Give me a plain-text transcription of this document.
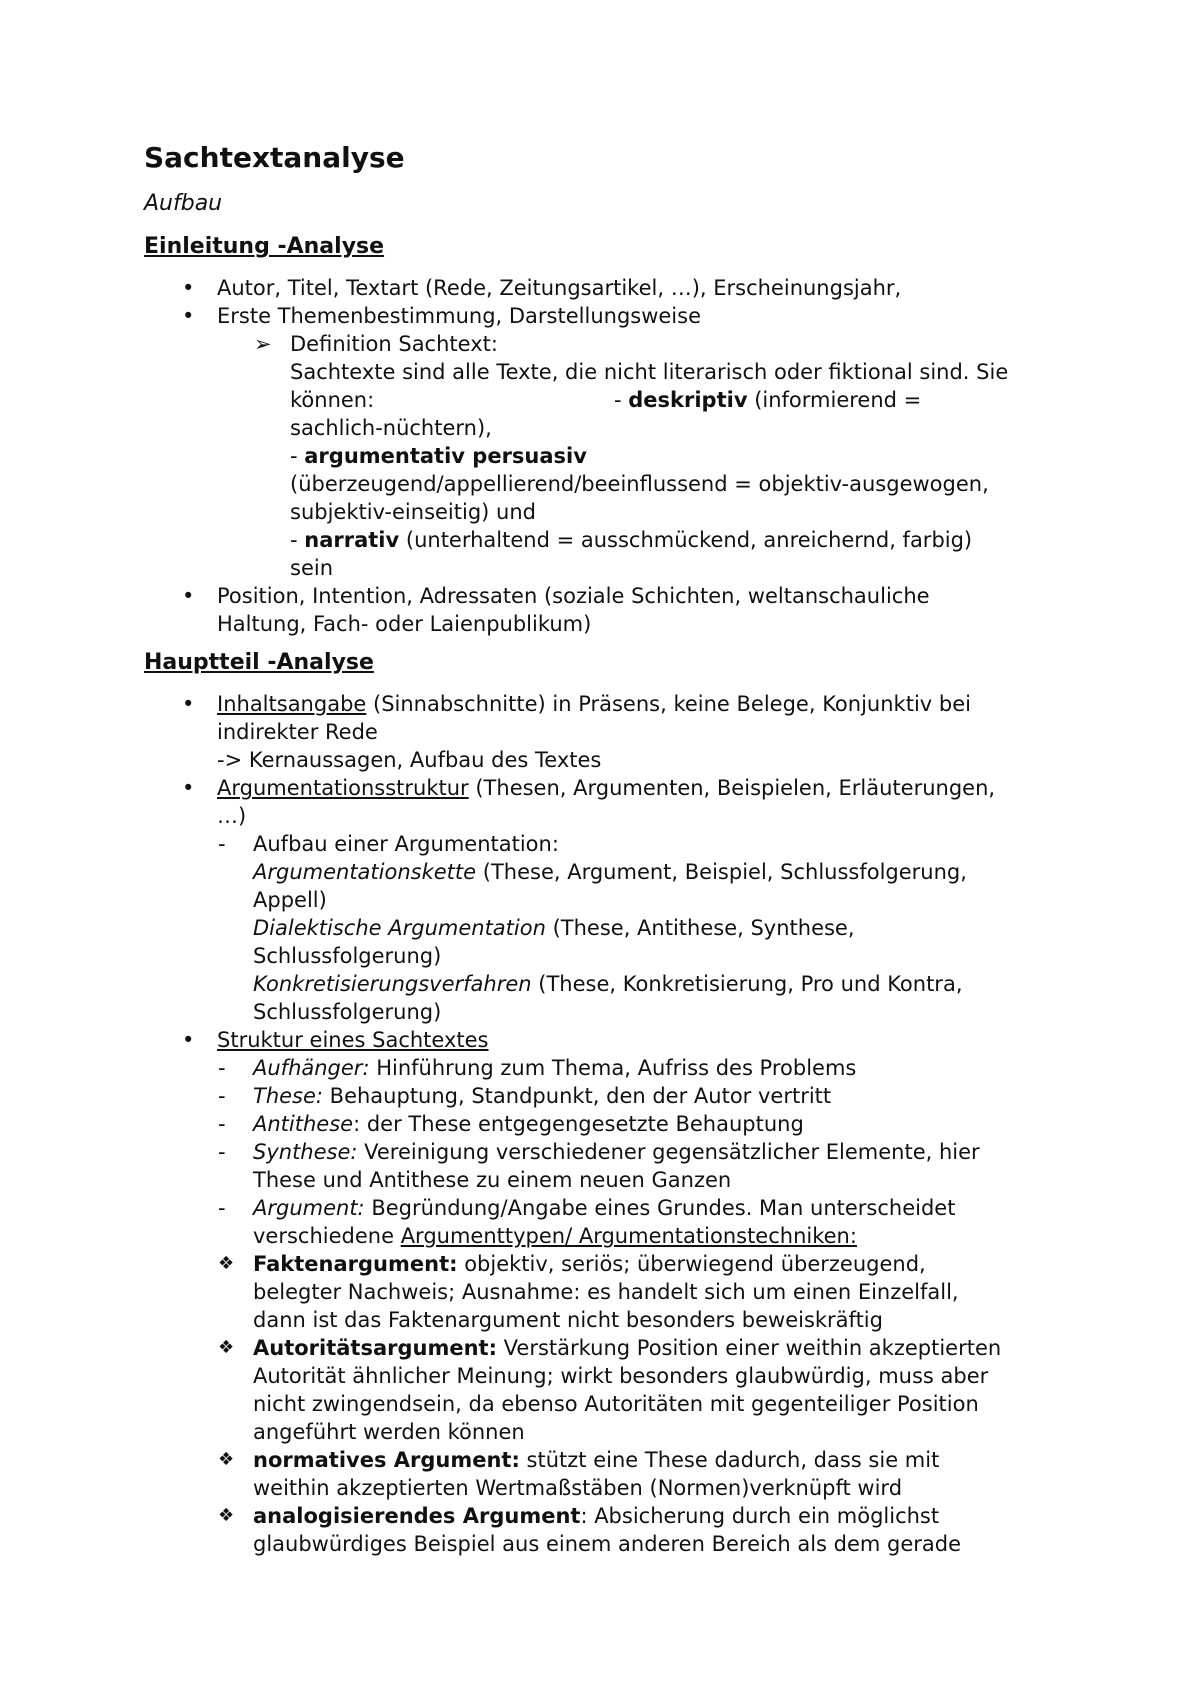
Sachtextanalyse
Aufbau
Einleitung -Analyse
• Autor, Titel, Textart (Rede, Zeitungsartikel, …), Erscheinungsjahr,
• Erste Themenbestimmung, Darstellungsweise
➢ Definition Sachtext:
Sachtexte sind alle Texte, die nicht literarisch oder fiktional sind. Sie
können:	- deskriptiv (informierend =
sachlich-nüchtern),
- argumentativ persuasiv
(überzeugend/appellierend/beeinflussend = objektiv-ausgewogen,
subjektiv-einseitig) und
- narrativ (unterhaltend = ausschmückend, anreichernd, farbig)
sein
• Position, Intention, Adressaten (soziale Schichten, weltanschauliche
Haltung, Fach- oder Laienpublikum)
Hauptteil -Analyse
• Inhaltsangabe (Sinnabschnitte) in Präsens, keine Belege, Konjunktiv bei
indirekter Rede
-> Kernaussagen, Aufbau des Textes
• Argumentationsstruktur (Thesen, Argumenten, Beispielen, Erläuterungen,
…)
- Aufbau einer Argumentation:
Argumentationskette (These, Argument, Beispiel, Schlussfolgerung,
Appell)
Dialektische Argumentation (These, Antithese, Synthese,
Schlussfolgerung)
Konkretisierungsverfahren (These, Konkretisierung, Pro und Kontra,
Schlussfolgerung)
• Struktur eines Sachtextes
- Aufhänger: Hinführung zum Thema, Aufriss des Problems
- These: Behauptung, Standpunkt, den der Autor vertritt
- Antithese: der These entgegengesetzte Behauptung
- Synthese: Vereinigung verschiedener gegensätzlicher Elemente, hier
These und Antithese zu einem neuen Ganzen
- Argument: Begründung/Angabe eines Grundes. Man unterscheidet
verschiedene Argumenttypen/ Argumentationstechniken:
❖ Faktenargument: objektiv, seriös; überwiegend überzeugend,
belegter Nachweis; Ausnahme: es handelt sich um einen Einzelfall,
dann ist das Faktenargument nicht besonders beweiskräftig
❖ Autoritätsargument: Verstärkung Position einer weithin akzeptierten
Autorität ähnlicher Meinung; wirkt besonders glaubwürdig, muss aber
nicht zwingendsein, da ebenso Autoritäten mit gegenteiliger Position
angeführt werden können
❖ normatives Argument: stützt eine These dadurch, dass sie mit
weithin akzeptierten Wertmaßstäben (Normen)verknüpft wird
❖ analogisierendes Argument: Absicherung durch ein möglichst
glaubwürdiges Beispiel aus einem anderen Bereich als dem gerade
